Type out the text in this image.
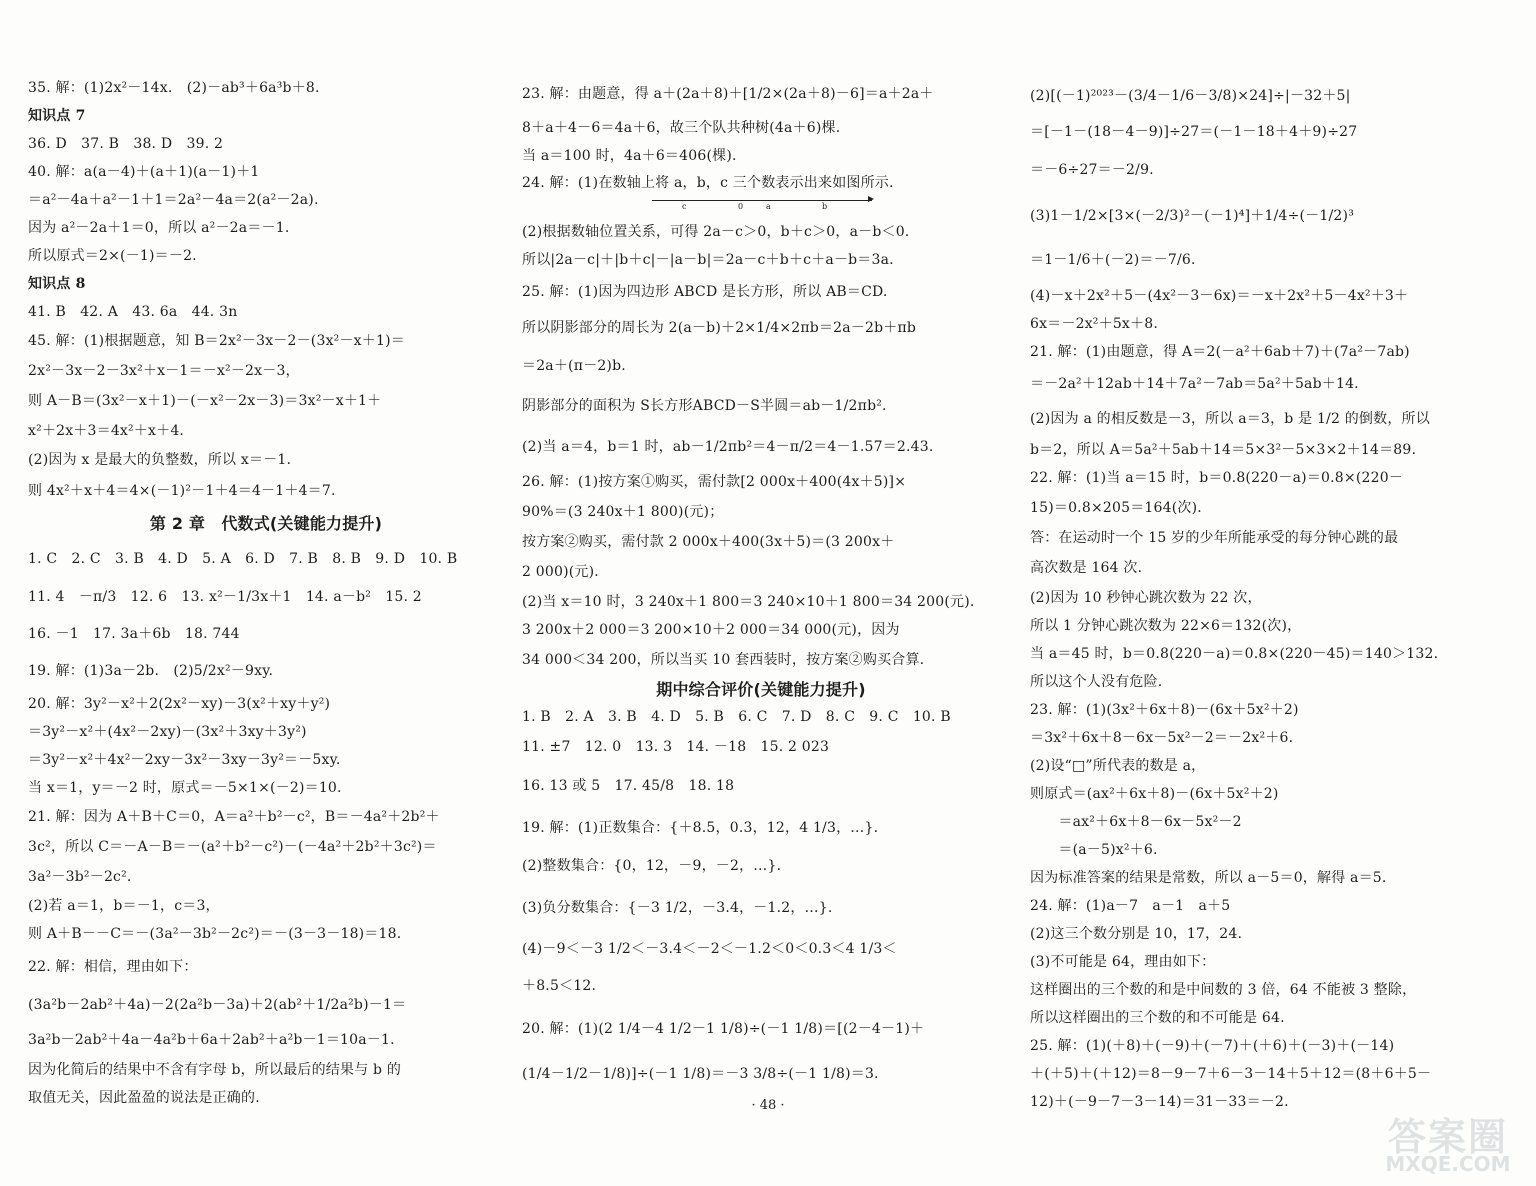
35. 解：(1)2x²－14x.　(2)－ab³＋6a³b＋8.
知识点 7
36. D　37. B　38. D　39. 2
40. 解：a(a－4)＋(a＋1)(a－1)＋1
＝a²－4a＋a²－1＋1＝2a²－4a＝2(a²－2a).
因为 a²－2a＋1＝0，所以 a²－2a＝－1.
所以原式＝2×(－1)＝－2.
知识点 8
41. B　42. A　43. 6a　44. 3n
45. 解：(1)根据题意，知 B＝2x²－3x－2－(3x²－x＋1)＝
2x²－3x－2－3x²＋x－1＝－x²－2x－3，
则 A－B＝(3x²－x＋1)－(－x²－2x－3)＝3x²－x＋1＋
x²＋2x＋3＝4x²＋x＋4.
(2)因为 x 是最大的负整数，所以 x＝－1.
则 4x²＋x＋4＝4×(－1)²－1＋4＝4－1＋4＝7.
第 2 章　代数式(关键能力提升)
1. C　2. C　3. B　4. D　5. A　6. D　7. B　8. B　9. D　10. B
11. 4　－π/3　12. 6　13. x²－1/3x＋1　14. a－b²　15. 2
16. －1　17. 3a＋6b　18. 744
19. 解：(1)3a－2b.　(2)5/2x²－9xy.
20. 解：3y²－x²＋2(2x²－xy)－3(x²＋xy＋y²)
＝3y²－x²＋(4x²－2xy)－(3x²＋3xy＋3y²)
＝3y²－x²＋4x²－2xy－3x²－3xy－3y²＝－5xy.
当 x＝1，y＝－2 时，原式＝－5×1×(－2)＝10.
21. 解：因为 A＋B＋C＝0，A＝a²＋b²－c²，B＝－4a²＋2b²＋
3c²，所以 C＝－A－B＝－(a²＋b²－c²)－(－4a²＋2b²＋3c²)＝
3a²－3b²－2c².
(2)若 a＝1，b＝－1，c＝3，
则 A＋B－－C＝－(3a²－3b²－2c²)＝－(3－3－18)＝18.
22. 解：相信，理由如下：
(3a²b－2ab²＋4a)－2(2a²b－3a)＋2(ab²＋1/2a²b)－1＝
3a²b－2ab²＋4a－4a²b＋6a＋2ab²＋a²b－1＝10a－1.
因为化简后的结果中不含有字母 b，所以最后的结果与 b 的
取值无关，因此盈盈的说法是正确的.
23. 解：由题意，得 a＋(2a＋8)＋[1/2×(2a＋8)－6]＝a＋2a＋
8＋a＋4－6＝4a＋6，故三个队共种树(4a＋6)棵.
当 a＝100 时，4a＋6＝406(棵).
24. 解：(1)在数轴上将 a，b，c 三个数表示出来如图所示.
c	0	a	b
(2)根据数轴位置关系，可得 2a－c＞0，b＋c＞0，a－b＜0.
所以|2a－c|＋|b＋c|－|a－b|＝2a－c＋b＋c＋a－b＝3a.
25. 解：(1)因为四边形 ABCD 是长方形，所以 AB＝CD.
所以阴影部分的周长为 2(a－b)＋2×1/4×2πb＝2a－2b＋πb
＝2a＋(π－2)b.
阴影部分的面积为 S长方形ABCD－S半圆＝ab－1/2πb².
(2)当 a＝4，b＝1 时，ab－1/2πb²＝4－π/2＝4－1.57＝2.43.
26. 解：(1)按方案①购买，需付款[2 000x＋400(4x＋5)]×
90%＝(3 240x＋1 800)(元)；
按方案②购买，需付款 2 000x＋400(3x＋5)＝(3 200x＋
2 000)(元).
(2)当 x＝10 时，3 240x＋1 800＝3 240×10＋1 800＝34 200(元).
3 200x＋2 000＝3 200×10＋2 000＝34 000(元)，因为
34 000＜34 200，所以当买 10 套西装时，按方案②购买合算.
期中综合评价(关键能力提升)
1. B　2. A　3. B　4. D　5. B　6. C　7. D　8. C　9. C　10. B
11. ±7　12. 0　13. 3　14. －18　15. 2 023
16. 13 或 5　17. 45/8　18. 18
19. 解：(1)正数集合：{＋8.5，0.3，12，4 1/3，…}.
(2)整数集合：{0，12，－9，－2，…}.
(3)负分数集合：{－3 1/2，－3.4，－1.2，…}.
(4)－9＜－3 1/2＜－3.4＜－2＜－1.2＜0＜0.3＜4 1/3＜
＋8.5＜12.
20. 解：(1)(2 1/4－4 1/2－1 1/8)÷(－1 1/8)＝[(2－4－1)＋
(1/4－1/2－1/8)]÷(－1 1/8)＝－3 3/8÷(－1 1/8)＝3.
(2)[(－1)²⁰²³－(3/4－1/6－3/8)×24]÷|－32＋5|
＝[－1－(18－4－9)]÷27＝(－1－18＋4＋9)÷27
＝－6÷27＝－2/9.
(3)1－1/2×[3×(－2/3)²－(－1)⁴]＋1/4÷(－1/2)³
＝1－1/6＋(－2)＝－7/6.
(4)－x＋2x²＋5－(4x²－3－6x)＝－x＋2x²＋5－4x²＋3＋
6x＝－2x²＋5x＋8.
21. 解：(1)由题意，得 A＝2(－a²＋6ab＋7)＋(7a²－7ab)
＝－2a²＋12ab＋14＋7a²－7ab＝5a²＋5ab＋14.
(2)因为 a 的相反数是－3，所以 a＝3，b 是 1/2 的倒数，所以
b＝2，所以 A＝5a²＋5ab＋14＝5×3²－5×3×2＋14＝89.
22. 解：(1)当 a＝15 时，b＝0.8(220－a)＝0.8×(220－
15)＝0.8×205＝164(次).
答：在运动时一个 15 岁的少年所能承受的每分钟心跳的最
高次数是 164 次.
(2)因为 10 秒钟心跳次数为 22 次，
所以 1 分钟心跳次数为 22×6＝132(次)，
当 a＝45 时，b＝0.8(220－a)＝0.8×(220－45)＝140＞132.
所以这个人没有危险.
23. 解：(1)(3x²＋6x＋8)－(6x＋5x²＋2)
＝3x²＋6x＋8－6x－5x²－2＝－2x²＋6.
(2)设“□”所代表的数是 a，
则原式＝(ax²＋6x＋8)－(6x＋5x²＋2)
　　＝ax²＋6x＋8－6x－5x²－2
　　＝(a－5)x²＋6.
因为标准答案的结果是常数，所以 a－5＝0，解得 a＝5.
24. 解：(1)a－7　a－1　a＋5
(2)这三个数分别是 10，17，24.
(3)不可能是 64，理由如下：
这样圈出的三个数的和是中间数的 3 倍，64 不能被 3 整除，
所以这样圈出的三个数的和不可能是 64.
25. 解：(1)(＋8)＋(－9)＋(－7)＋(＋6)＋(－3)＋(－14)
＋(＋5)＋(＋12)＝8－9－7＋6－3－14＋5＋12＝(8＋6＋5－
12)＋(－9－7－3－14)＝31－33＝－2.
· 48 ·
答案圈
MXQE.COM
